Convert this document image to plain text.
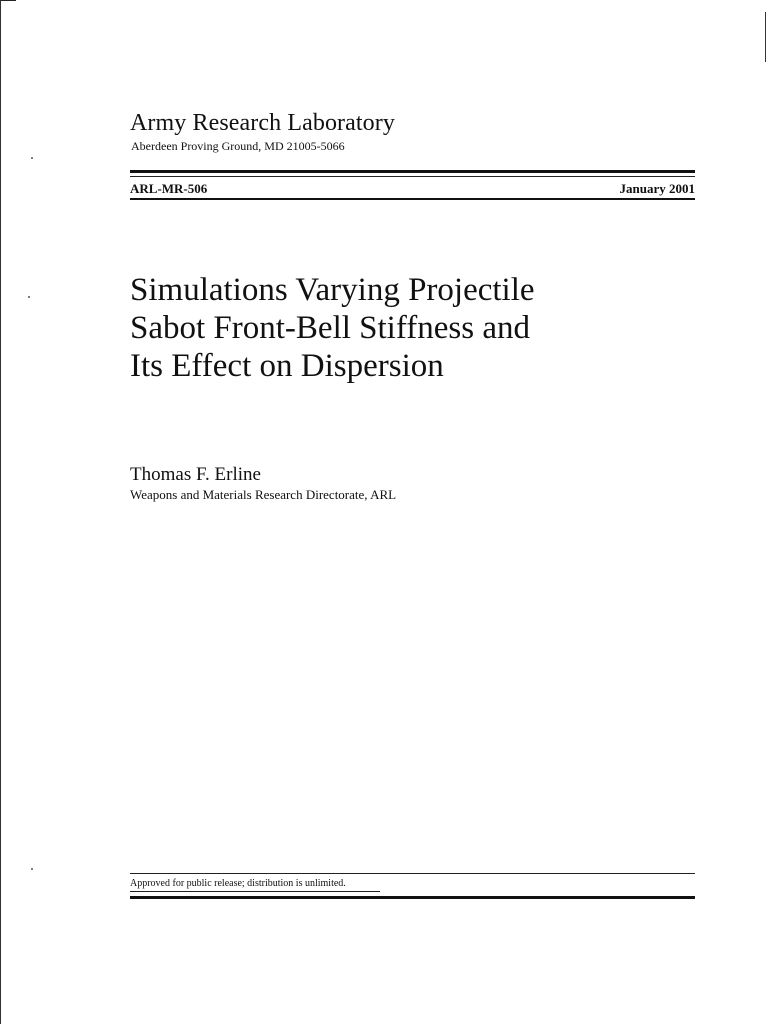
Army Research Laboratory
Aberdeen Proving Ground, MD 21005-5066
ARL-MR-506	January 2001
Simulations Varying Projectile
Sabot Front-Bell Stiffness and
Its Effect on Dispersion
Thomas F. Erline
Weapons and Materials Research Directorate, ARL
Approved for public release; distribution is unlimited.
